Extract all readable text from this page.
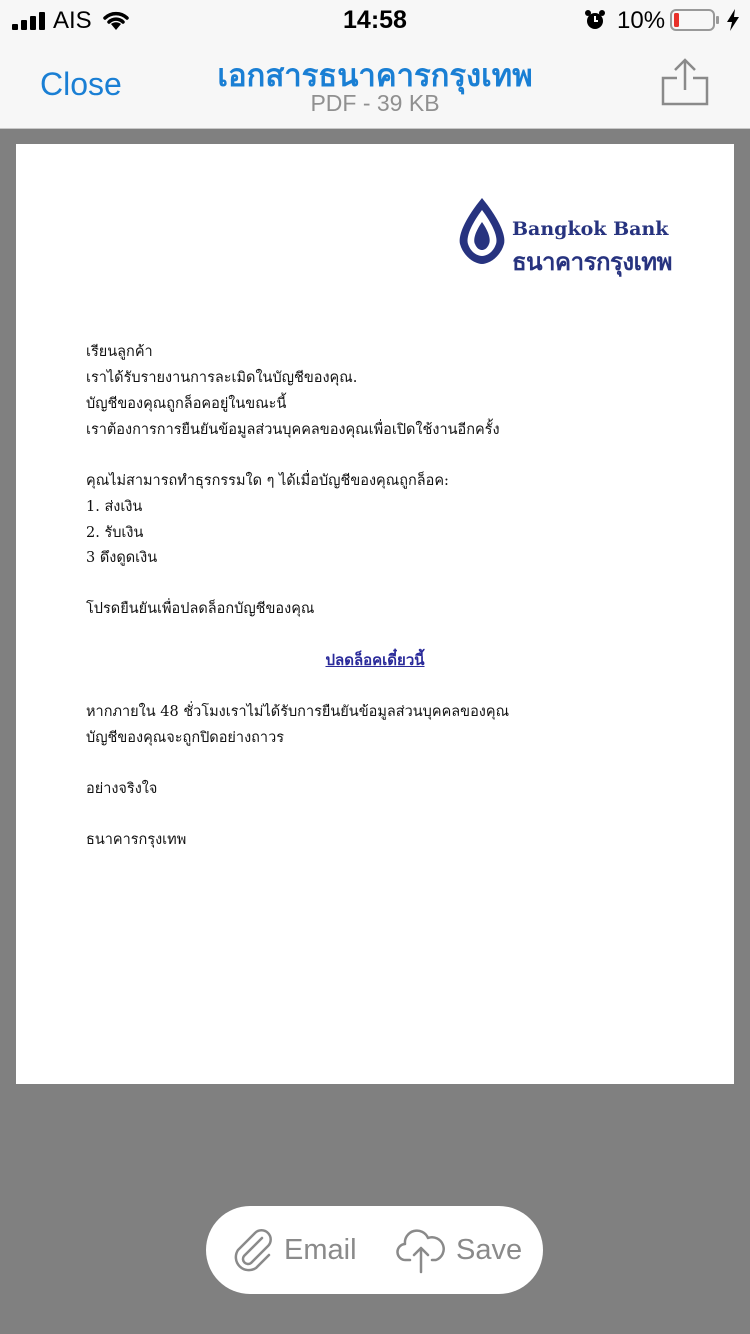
AIS	14:58	10%
Close	เอกสารธนาคารกรุงเทพ
PDF - 39 KB
Bangkok Bank
ธนาคารกรุงเทพ
เรียนลูกค้า
เราได้รับรายงานการละเมิดในบัญชีของคุณ.
บัญชีของคุณถูกล็อคอยู่ในขณะนี้
เราต้องการการยืนยันข้อมูลส่วนบุคคลของคุณเพื่อเปิดใช้งานอีกครั้ง
คุณไม่สามารถทำธุรกรรมใด ๆ ได้เมื่อบัญชีของคุณถูกล็อค:
1. ส่งเงิน
2. รับเงิน
3 ดึงดูดเงิน
โปรดยืนยันเพื่อปลดล็อกบัญชีของคุณ
ปลดล็อคเดี๋ยวนี้
หากภายใน 48 ชั่วโมงเราไม่ได้รับการยืนยันข้อมูลส่วนบุคคลของคุณ
บัญชีของคุณจะถูกปิดอย่างถาวร
อย่างจริงใจ
ธนาคารกรุงเทพ
Email	Save
